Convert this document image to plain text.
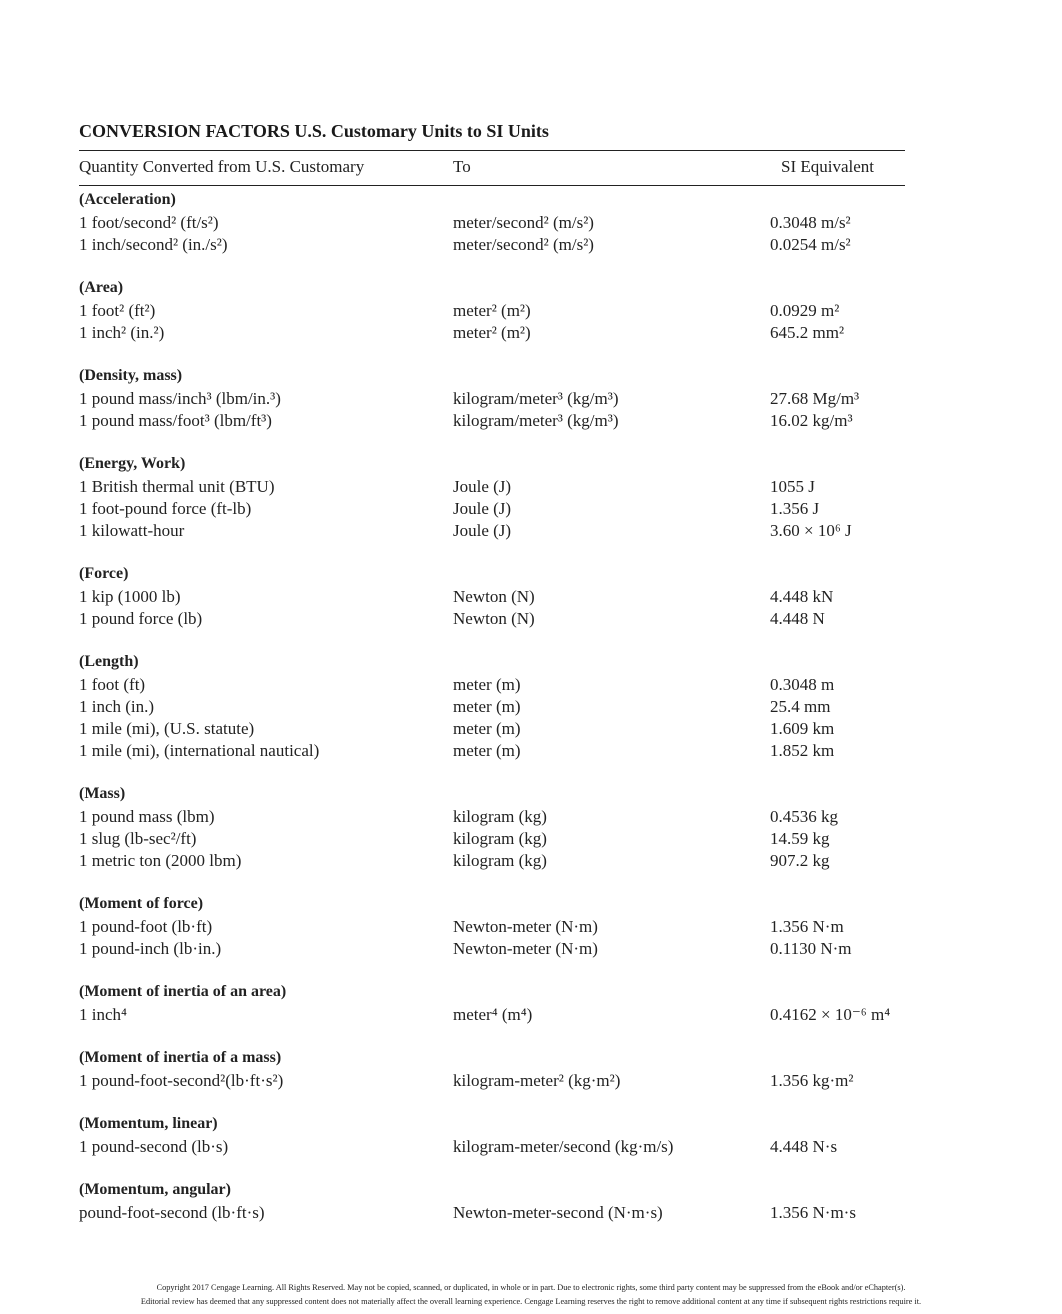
CONVERSION FACTORS U.S. Customary Units to SI Units
Quantity Converted from U.S. Customary	To	SI Equivalent
(Acceleration)
1 foot/second² (ft/s²)	meter/second² (m/s²)	0.3048 m/s²
1 inch/second² (in./s²)	meter/second² (m/s²)	0.0254 m/s²
(Area)
1 foot² (ft²)	meter² (m²)	0.0929 m²
1 inch² (in.²)	meter² (m²)	645.2 mm²
(Density, mass)
1 pound mass/inch³ (lbm/in.³)	kilogram/meter³ (kg/m³)	27.68 Mg/m³
1 pound mass/foot³ (lbm/ft³)	kilogram/meter³ (kg/m³)	16.02 kg/m³
(Energy, Work)
1 British thermal unit (BTU)	Joule (J)	1055 J
1 foot-pound force (ft-lb)	Joule (J)	1.356 J
1 kilowatt-hour	Joule (J)	3.60 × 10⁶ J
(Force)
1 kip (1000 lb)	Newton (N)	4.448 kN
1 pound force (lb)	Newton (N)	4.448 N
(Length)
1 foot (ft)	meter (m)	0.3048 m
1 inch (in.)	meter (m)	25.4 mm
1 mile (mi), (U.S. statute)	meter (m)	1.609 km
1 mile (mi), (international nautical)	meter (m)	1.852 km
(Mass)
1 pound mass (lbm)	kilogram (kg)	0.4536 kg
1 slug (lb-sec²/ft)	kilogram (kg)	14.59 kg
1 metric ton (2000 lbm)	kilogram (kg)	907.2 kg
(Moment of force)
1 pound-foot (lb·ft)	Newton-meter (N·m)	1.356 N·m
1 pound-inch (lb·in.)	Newton-meter (N·m)	0.1130 N·m
(Moment of inertia of an area)
1 inch⁴	meter⁴ (m⁴)	0.4162 × 10⁻⁶ m⁴
(Moment of inertia of a mass)
1 pound-foot-second²(lb·ft·s²)	kilogram-meter² (kg·m²)	1.356 kg·m²
(Momentum, linear)
1 pound-second (lb·s)	kilogram-meter/second (kg·m/s)	4.448 N·s
(Momentum, angular)
pound-foot-second (lb·ft·s)	Newton-meter-second (N·m·s)	1.356 N·m·s
Copyright 2017 Cengage Learning. All Rights Reserved. May not be copied, scanned, or duplicated, in whole or in part. Due to electronic rights, some third party content may be suppressed from the eBook and/or eChapter(s).
Editorial review has deemed that any suppressed content does not materially affect the overall learning experience. Cengage Learning reserves the right to remove additional content at any time if subsequent rights restrictions require it.
